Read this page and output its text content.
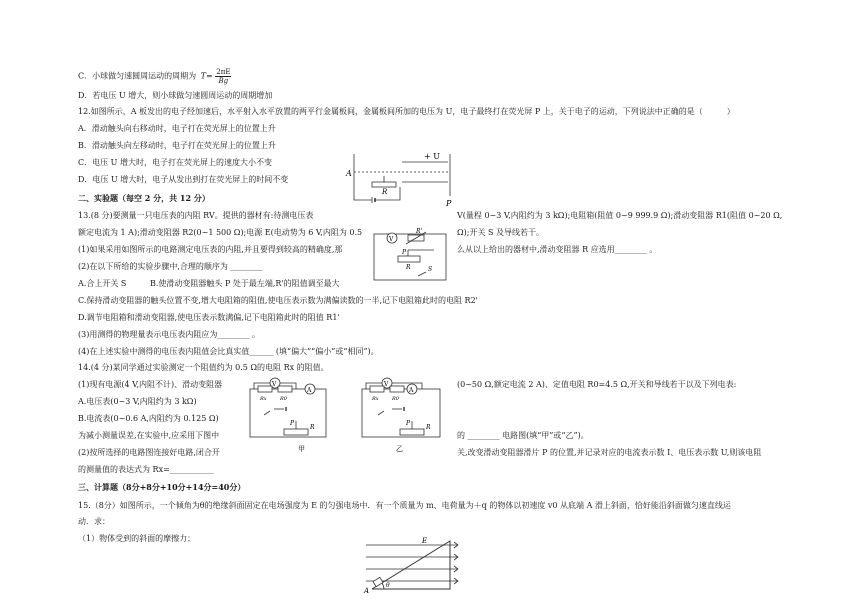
C．小球做匀速圆周运动的周期为 $T= \frac{2\pi E}{Bg}$
D．若电压 U 增大，则小球做匀速圆周运动的周期增加
12.如图所示，A 板发出的电子经加速后，水平射入水平放置的两平行金属板间，金属板间所加的电压为 U，电子最终打在荧光屏 P 上，关于电子的运动，下列说法中正确的是（　　　）
A．滑动触头向右移动时，电子打在荧光屏上的位置上升
B．滑动触头向左移动时，电子打在荧光屏上的位置上升
C．电压 U 增大时，电子打在荧光屏上的速度大小不变
D．电压 U 增大时，电子从发出到打在荧光屏上的时间不变
+ U
A
R
P
二、实验题（每空 2 分，共 12 分）
13.(8 分)要测量一只电压表的内阻 RV。提供的器材有:待测电压表	V(量程 0~3 V,内阻约为 3 kΩ);电阻箱(阻值 0~9 999.9 Ω);滑动变阻器 R1(阻值 0~20 Ω,
额定电流为 1 A);滑动变阻器 R2(0~1 500 Ω);电源 E(电动势为 6 V,内阻为 0.5	Ω);开关 S 及导线若干。
(1)如果采用如图所示的电路测定电压表的内阻,并且要得到较高的精确度,那	么从以上给出的器材中,滑动变阻器 R 应选用________ 。
(2)在以下所给的实验步骤中,合理的顺序为 ________
A.合上开关 S	B.使滑动变阻器触头 P 处于最左端,R'的阻值调至最大
C.保持滑动变阻器的触头位置不变,增大电阻箱的阻值,使电压表示数为满偏读数的一半,记下电阻箱此时的电阻 R2'
D.调节电阻箱和滑动变阻器,使电压表示数满偏,记下电阻箱此时的阻值 R1'
(3)用测得的物理量表示电压表内阻应为________ 。
(4)在上述实验中测得的电压表内阻值会比真实值______ (填“偏大”“偏小”或“相同”)。
V
R'
P
R	S
14.(4 分)某同学通过实验测定一个阻值约为 0.5 Ω的电阻 Rx 的阻值。
(1)现有电源(4 V,内阻不计)、滑动变阻器	(0~50 Ω,额定电流 2 A)、定值电阻 R0=4.5 Ω,开关和导线若干以及下列电表:
A.电压表(0~3 V,内阻约为 3 kΩ)
B.电流表(0~0.6 A,内阻约为 0.125 Ω)
为减小测量误差,在实验中,应采用下图中	的 ________ 电路图(填“甲”或“乙”)。
(2)按所选择的电路图连接好电路,闭合开	关,改变滑动变阻器滑片 P 的位置,并记录对应的电流表示数 I、电压表示数 U,则该电阻
的测量值的表达式为 Rx=___________
V
A
Rx	R0
P
R
甲
V
A
Rx	R0
P
R
乙
三、计算题（8分+8分+10分+14分=40分）
15.（8分）如图所示，一个倾角为θ的绝缘斜面固定在电场强度为 E 的匀强电场中．有一个质量为 m、电荷量为＋q 的物体以初速度 v0 从底端 A 滑上斜面，恰好能沿斜面做匀速直线运
动．求：
（1）物体受到的斜面的摩擦力；	E
A
θ
